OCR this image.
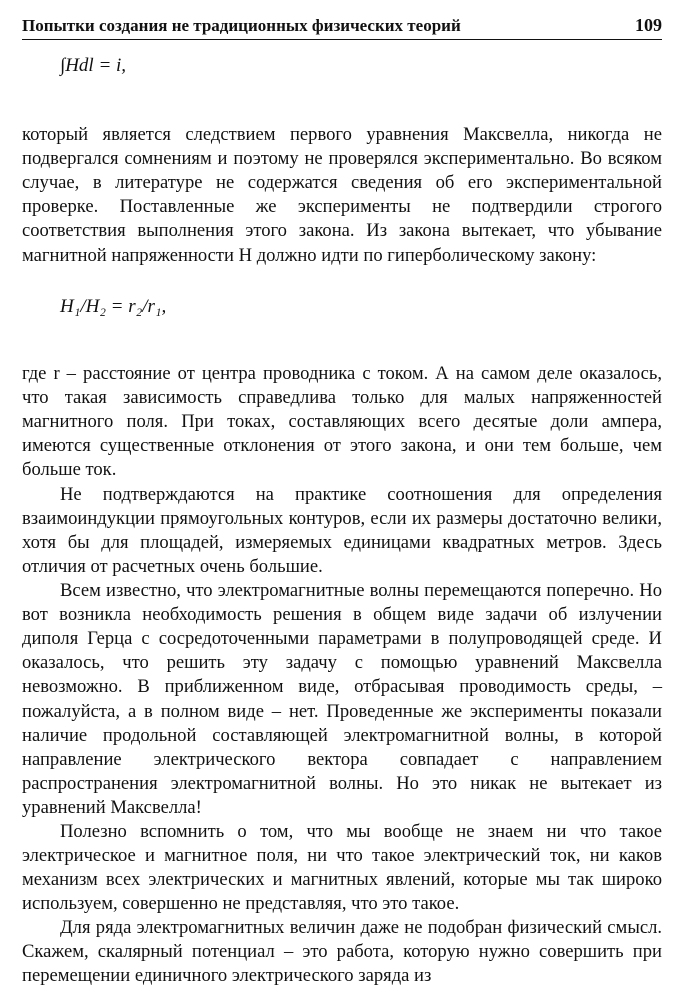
Попытки создания не традиционных физических теорий	109
∫Hdl = i,

который является следствием первого уравнения Максвелла, никогда не подвергался сомнениям и поэтому не проверялся экспериментально. Во всяком случае, в литературе не содержатся сведения об его экспериментальной проверке. Поставленные же эксперименты не подтвердили строгого соответствия выполнения этого закона. Из закона вытекает, что убывание магнитной напряженности H должно идти по гиперболическому закону:

H₁/H₂ = r₂/r₁,

где r – расстояние от центра проводника с током. А на самом деле оказалось, что такая зависимость справедлива только для малых напряженностей магнитного поля. При токах, составляющих всего десятые доли ампера, имеются существенные отклонения от этого закона, и они тем больше, чем больше ток.

Не подтверждаются на практике соотношения для определения взаимоиндукции прямоугольных контуров, если их размеры достаточно велики, хотя бы для площадей, измеряемых единицами квадратных метров. Здесь отличия от расчетных очень большие.

Всем известно, что электромагнитные волны перемещаются поперечно. Но вот возникла необходимость решения в общем виде задачи об излучении диполя Герца с сосредоточенными параметрами в полупроводящей среде. И оказалось, что решить эту задачу с помощью уравнений Максвелла невозможно. В приближенном виде, отбрасывая проводимость среды, – пожалуйста, а в полном виде – нет. Проведенные же эксперименты показали наличие продольной составляющей электромагнитной волны, в которой направление электрического вектора совпадает с направлением распространения электромагнитной волны. Но это никак не вытекает из уравнений Максвелла!

Полезно вспомнить о том, что мы вообще не знаем ни что такое электрическое и магнитное поля, ни что такое электрический ток, ни каков механизм всех электрических и магнитных явлений, которые мы так широко используем, совершенно не представляя, что это такое.

Для ряда электромагнитных величин даже не подобран физический смысл. Скажем, скалярный потенциал – это работа, которую нужно совершить при перемещении единичного электрического заряда из
